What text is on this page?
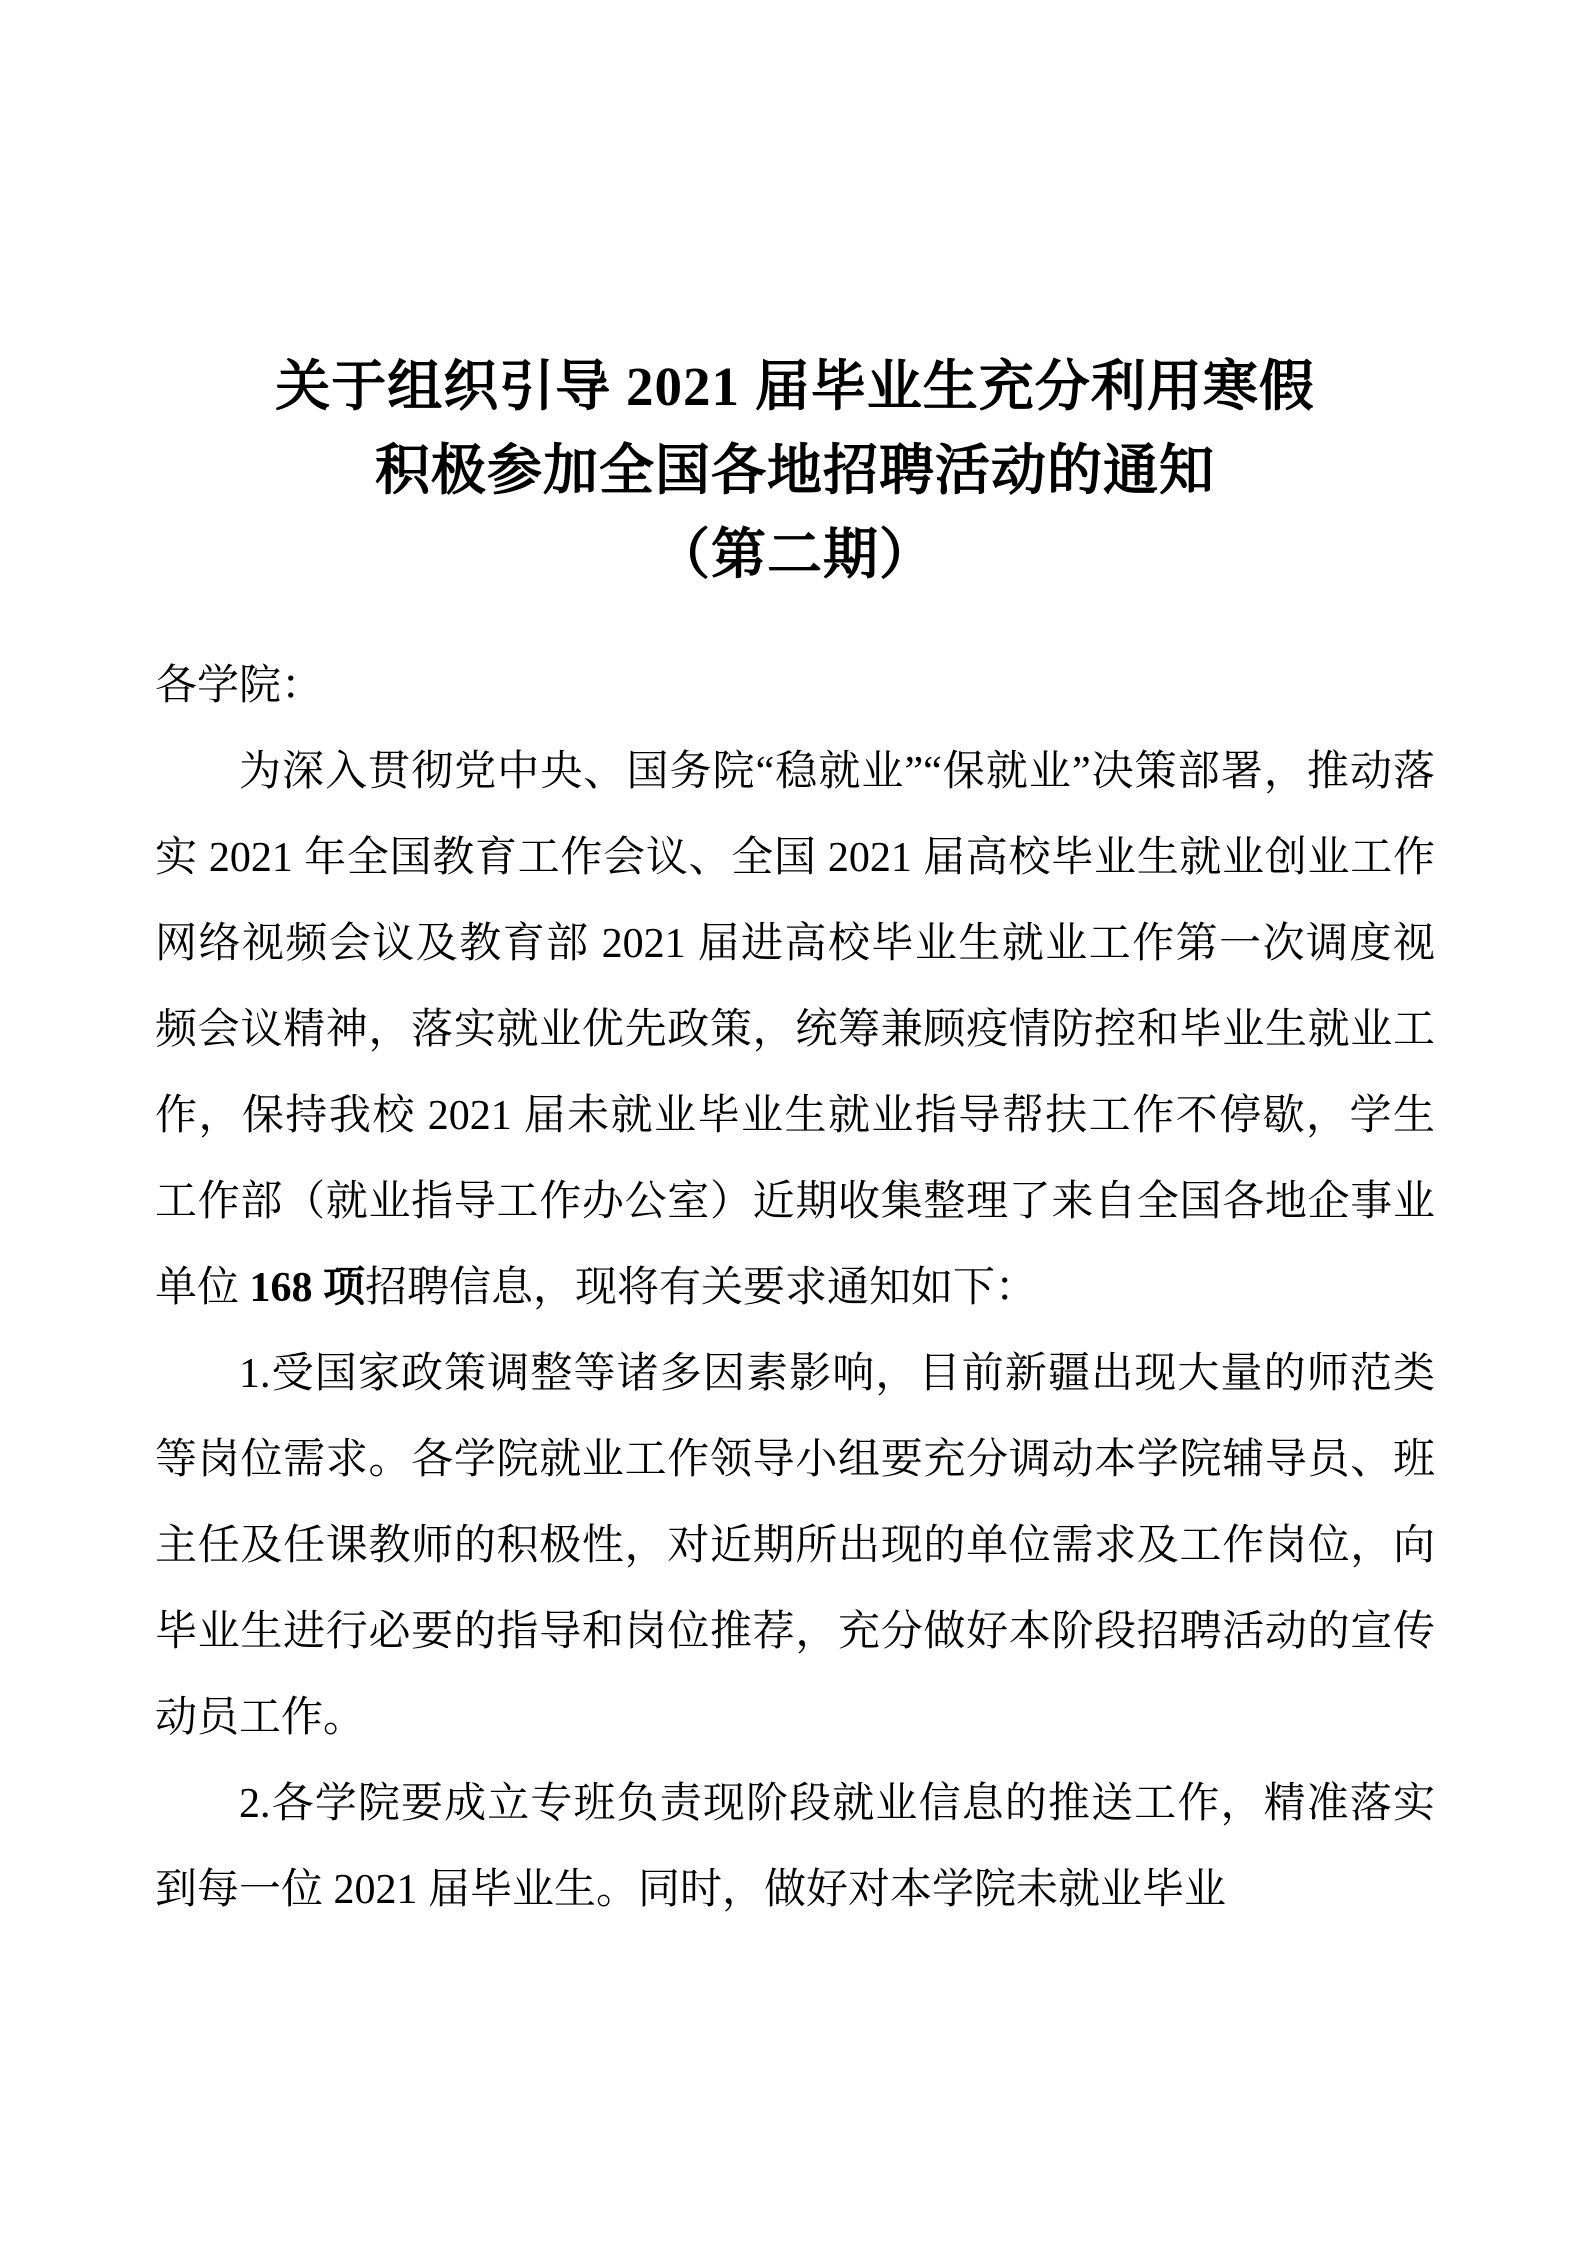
关于组织引导 2021 届毕业生充分利用寒假
积极参加全国各地招聘活动的通知
（第二期）

各学院：

为深入贯彻党中央、国务院“稳就业”“保就业”决策部署，推动落实 2021 年全国教育工作会议、全国 2021 届高校毕业生就业创业工作网络视频会议及教育部 2021 届进高校毕业生就业工作第一次调度视频会议精神，落实就业优先政策，统筹兼顾疫情防控和毕业生就业工作，保持我校 2021 届未就业毕业生就业指导帮扶工作不停歇，学生工作部（就业指导工作办公室）近期收集整理了来自全国各地企事业单位 168 项招聘信息，现将有关要求通知如下：

1.受国家政策调整等诸多因素影响，目前新疆出现大量的师范类等岗位需求。各学院就业工作领导小组要充分调动本学院辅导员、班主任及任课教师的积极性，对近期所出现的单位需求及工作岗位，向毕业生进行必要的指导和岗位推荐，充分做好本阶段招聘活动的宣传动员工作。

2.各学院要成立专班负责现阶段就业信息的推送工作，精准落实到每一位 2021 届毕业生。同时，做好对本学院未就业毕业
